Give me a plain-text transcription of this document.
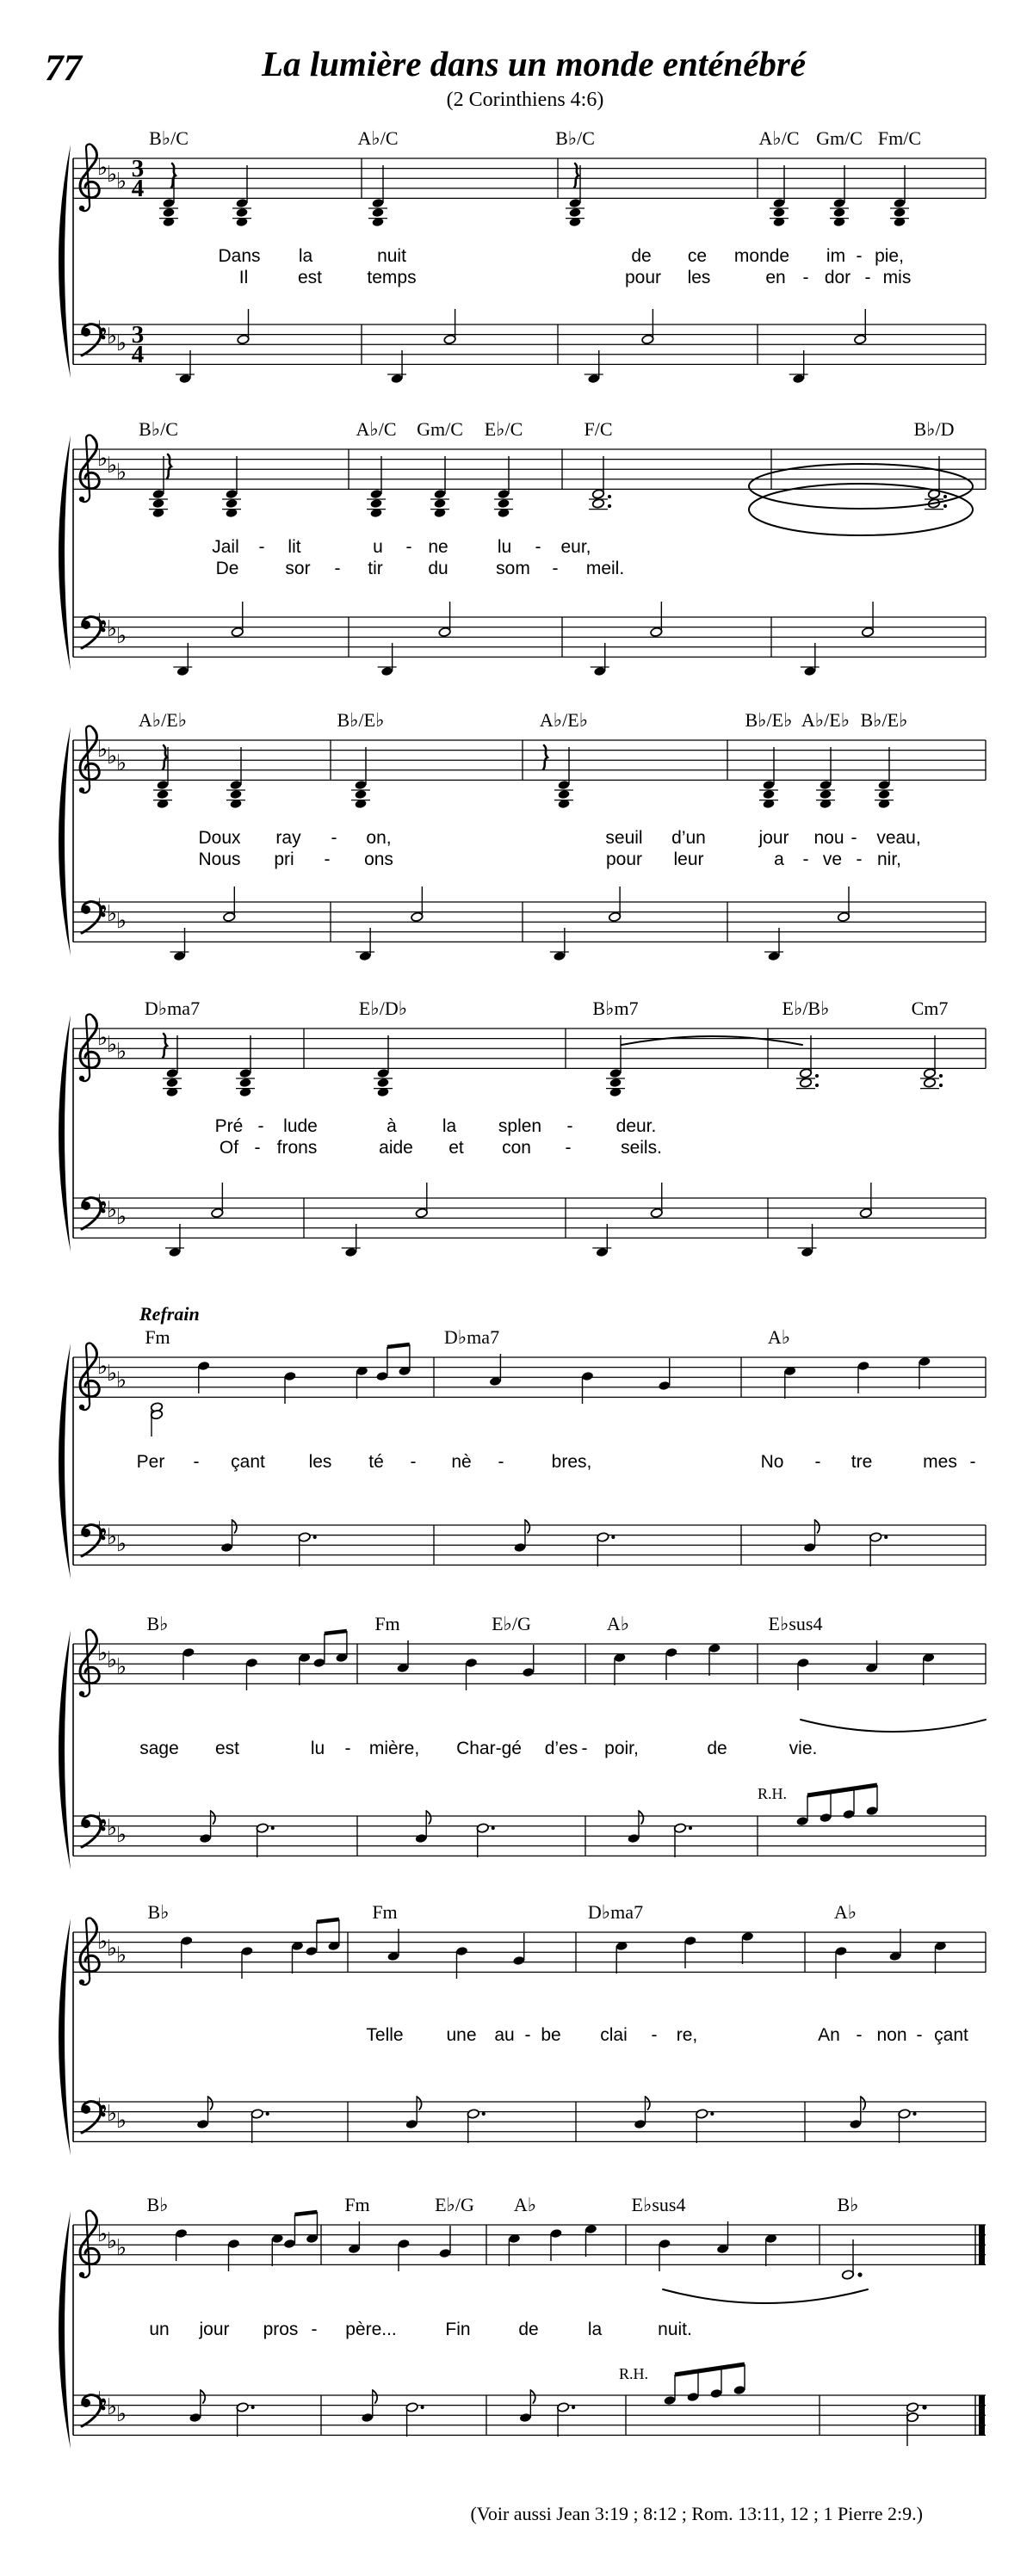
♭
♭
♭
♭
♭
♭
3
4
3
4
♭
♭
♭
♭
♭
♭
♭
♭
♭
♭
♭
♭
♭
♭
♭
♭
♭
♭
♭
♭
♭
♭
♭
♭
♭
♭
♭
♭
♭
♭
♭
♭
♭
♭
♭
♭
♭
♭
♭
♭
♭
♭
77	La lumière dans un monde enténébré
(2 Corinthiens 4:6)
(Voir aussi Jean 3:19 ; 8:12 ; Rom. 13:11, 12 ; 1 Pierre 2:9.)
B♭/C	A♭/C	B♭/C	A♭/C Gm/C Fm/C
Dans la	nuit	de ce monde im - pie,
Il	est temps	pour les	en - dor - mis
B♭/C	A♭/C Gm/C E♭/C	F/C	B♭/D
Jail - lit	u - ne	lu - eur,
De	sor - tir	du	som - meil.
A♭/E♭	B♭/E♭	A♭/E♭	B♭/E♭ A♭/E♭ B♭/E♭
Doux ray - on,	seuil d’un	jour nou - veau,
Nous pri - ons	pour leur	a - ve - nir,
D♭ma7	E♭/D♭	B♭m7	E♭/B♭	Cm7
Pré - lude	à	la splen - deur.
Of - frons	aide et con -	seils.
Fm	D♭ma7	A♭
Per - çant les té - nè -	bres,	No - tre	mes -
Refrain
B♭	Fm	E♭/G	A♭	E♭sus4
sage est	lu - mière, Char-gé d’es - poir,	de	vie.
R.H.
B♭	Fm	D♭ma7	A♭
Telle une au - be clai - re,	An - non - çant
B♭	Fm	E♭/G A♭	E♭sus4	B♭
un jour pros - père...	Fin	de	la	nuit.
R.H.
